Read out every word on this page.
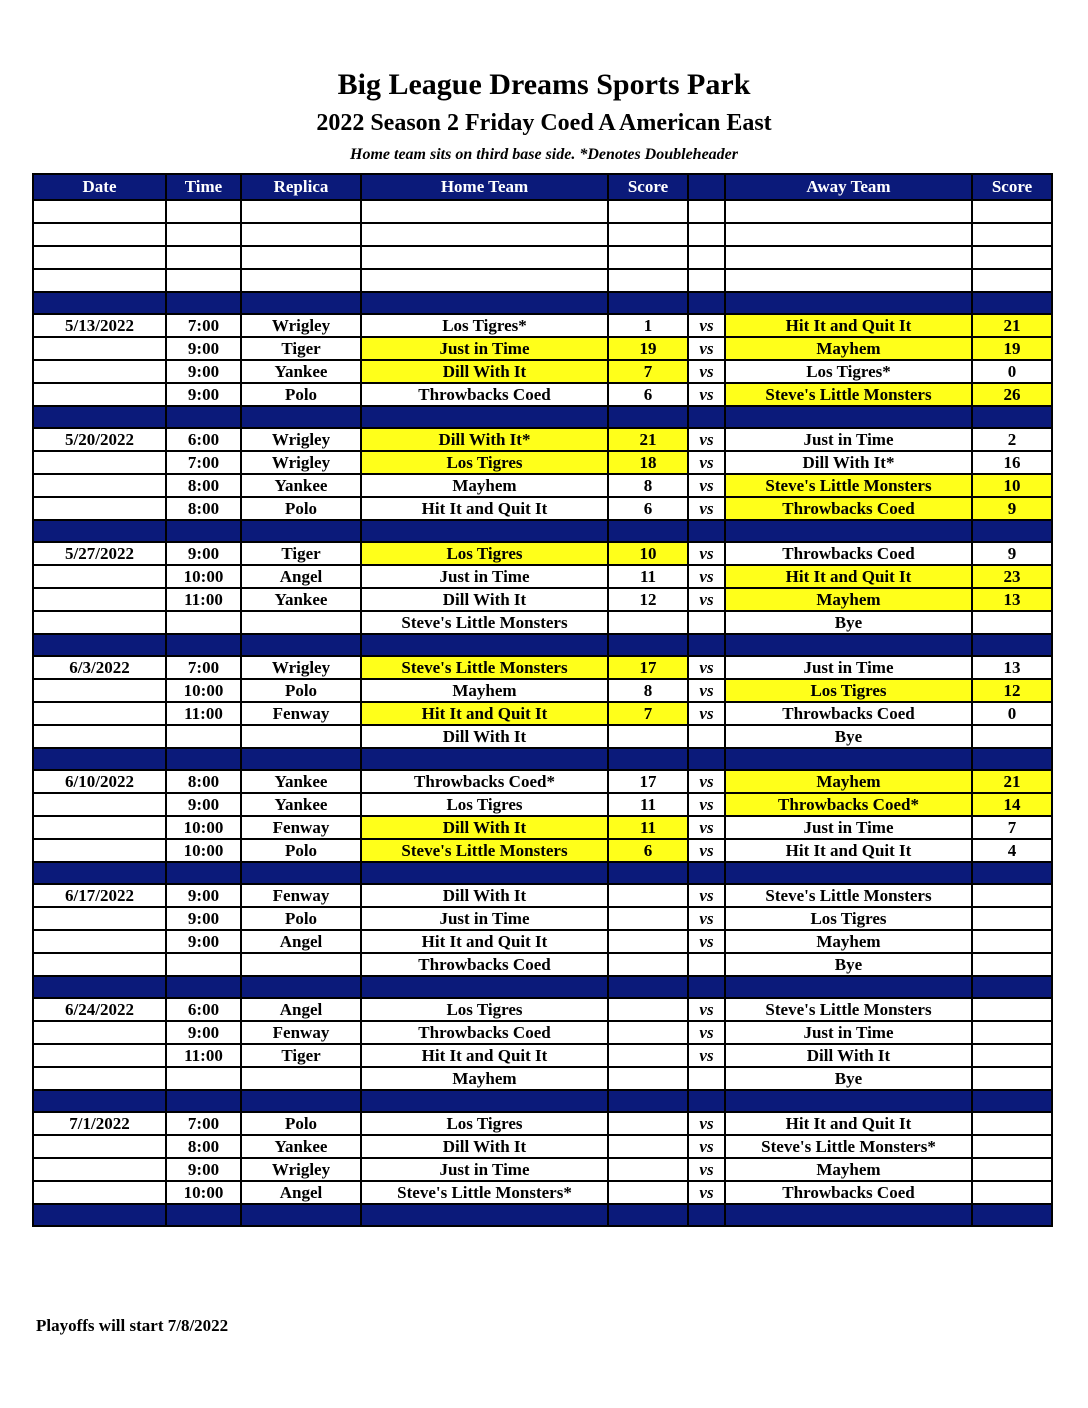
Big League Dreams Sports Park
2022 Season 2 Friday Coed A American East
Home team sits on third base side. *Denotes Doubleheader
Date	Time	Replica	Home Team	Score		Away Team	Score

5/13/2022	7:00	Wrigley	Los Tigres*	1	vs	Hit It and Quit It	21
	9:00	Tiger	Just in Time	19	vs	Mayhem	19
	9:00	Yankee	Dill With It	7	vs	Los Tigres*	0
	9:00	Polo	Throwbacks Coed	6	vs	Steve's Little Monsters	26

5/20/2022	6:00	Wrigley	Dill With It*	21	vs	Just in Time	2
	7:00	Wrigley	Los Tigres	18	vs	Dill With It*	16
	8:00	Yankee	Mayhem	8	vs	Steve's Little Monsters	10
	8:00	Polo	Hit It and Quit It	6	vs	Throwbacks Coed	9

5/27/2022	9:00	Tiger	Los Tigres	10	vs	Throwbacks Coed	9
	10:00	Angel	Just in Time	11	vs	Hit It and Quit It	23
	11:00	Yankee	Dill With It	12	vs	Mayhem	13
			Steve's Little Monsters			Bye	

6/3/2022	7:00	Wrigley	Steve's Little Monsters	17	vs	Just in Time	13
	10:00	Polo	Mayhem	8	vs	Los Tigres	12
	11:00	Fenway	Hit It and Quit It	7	vs	Throwbacks Coed	0
			Dill With It			Bye	

6/10/2022	8:00	Yankee	Throwbacks Coed*	17	vs	Mayhem	21
	9:00	Yankee	Los Tigres	11	vs	Throwbacks Coed*	14
	10:00	Fenway	Dill With It	11	vs	Just in Time	7
	10:00	Polo	Steve's Little Monsters	6	vs	Hit It and Quit It	4

6/17/2022	9:00	Fenway	Dill With It		vs	Steve's Little Monsters	
	9:00	Polo	Just in Time		vs	Los Tigres	
	9:00	Angel	Hit It and Quit It		vs	Mayhem	
			Throwbacks Coed			Bye	

6/24/2022	6:00	Angel	Los Tigres		vs	Steve's Little Monsters	
	9:00	Fenway	Throwbacks Coed		vs	Just in Time	
	11:00	Tiger	Hit It and Quit It		vs	Dill With It	
			Mayhem			Bye	

7/1/2022	7:00	Polo	Los Tigres		vs	Hit It and Quit It	
	8:00	Yankee	Dill With It		vs	Steve's Little Monsters*	
	9:00	Wrigley	Just in Time		vs	Mayhem	
	10:00	Angel	Steve's Little Monsters*		vs	Throwbacks Coed	

Playoffs will start 7/8/2022
